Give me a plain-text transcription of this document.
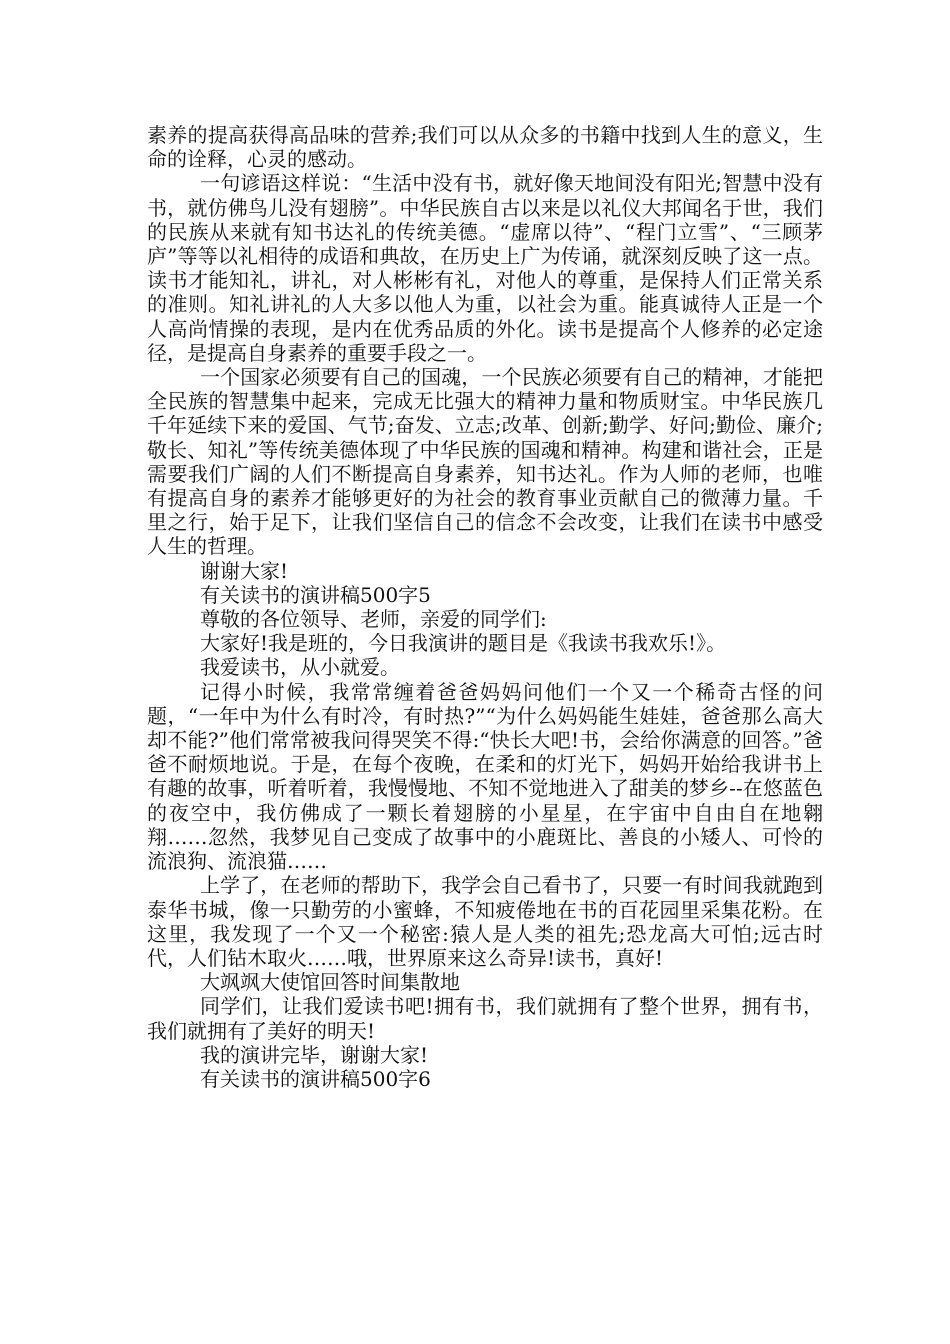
素养的提高获得高品味的营养;我们可以从众多的书籍中找到人生的意义，生命的诠释，心灵的感动。

一句谚语这样说：“生活中没有书，就好像天地间没有阳光;智慧中没有书，就仿佛鸟儿没有翅膀”。中华民族自古以来是以礼仪大邦闻名于世，我们的民族从来就有知书达礼的传统美德。“虚席以待”、“程门立雪”、“三顾茅庐”等等以礼相待的成语和典故，在历史上广为传诵，就深刻反映了这一点。读书才能知礼，讲礼，对人彬彬有礼，对他人的尊重，是保持人们正常关系的准则。知礼讲礼的人大多以他人为重，以社会为重。能真诚待人正是一个人高尚情操的表现，是内在优秀品质的外化。读书是提高个人修养的必定途径，是提高自身素养的重要手段之一。

一个国家必须要有自己的国魂，一个民族必须要有自己的精神，才能把全民族的智慧集中起来，完成无比强大的精神力量和物质财宝。中华民族几千年延续下来的爱国、气节;奋发、立志;改革、创新;勤学、好问;勤俭、廉介;敬长、知礼”等传统美德体现了中华民族的国魂和精神。构建和谐社会，正是需要我们广阔的人们不断提高自身素养，知书达礼。作为人师的老师，也唯有提高自身的素养才能够更好的为社会的教育事业贡献自己的微薄力量。千里之行，始于足下，让我们坚信自己的信念不会改变，让我们在读书中感受人生的哲理。

谢谢大家!

有关读书的演讲稿500字5

尊敬的各位领导、老师，亲爱的同学们:

大家好!我是班的，今日我演讲的题目是《我读书我欢乐!》。

我爱读书，从小就爱。

记得小时候，我常常缠着爸爸妈妈问他们一个又一个稀奇古怪的问题，“一年中为什么有时冷，有时热?”“为什么妈妈能生娃娃，爸爸那么高大却不能?”他们常常被我问得哭笑不得:“快长大吧!书，会给你满意的回答。”爸爸不耐烦地说。于是，在每个夜晚，在柔和的灯光下，妈妈开始给我讲书上有趣的故事，听着听着，我慢慢地、不知不觉地进入了甜美的梦乡--在悠蓝色的夜空中，我仿佛成了一颗长着翅膀的小星星，在宇宙中自由自在地翱翔……忽然，我梦见自己变成了故事中的小鹿斑比、善良的小矮人、可怜的流浪狗、流浪猫……

上学了，在老师的帮助下，我学会自己看书了，只要一有时间我就跑到泰华书城，像一只勤劳的小蜜蜂，不知疲倦地在书的百花园里采集花粉。在这里，我发现了一个又一个秘密:猿人是人类的祖先;恐龙高大可怕;远古时代，人们钻木取火……哦，世界原来这么奇异!读书，真好!

大飒飒大使馆回答时间集散地

同学们，让我们爱读书吧!拥有书，我们就拥有了整个世界，拥有书，我们就拥有了美好的明天!

我的演讲完毕，谢谢大家!

有关读书的演讲稿500字6
